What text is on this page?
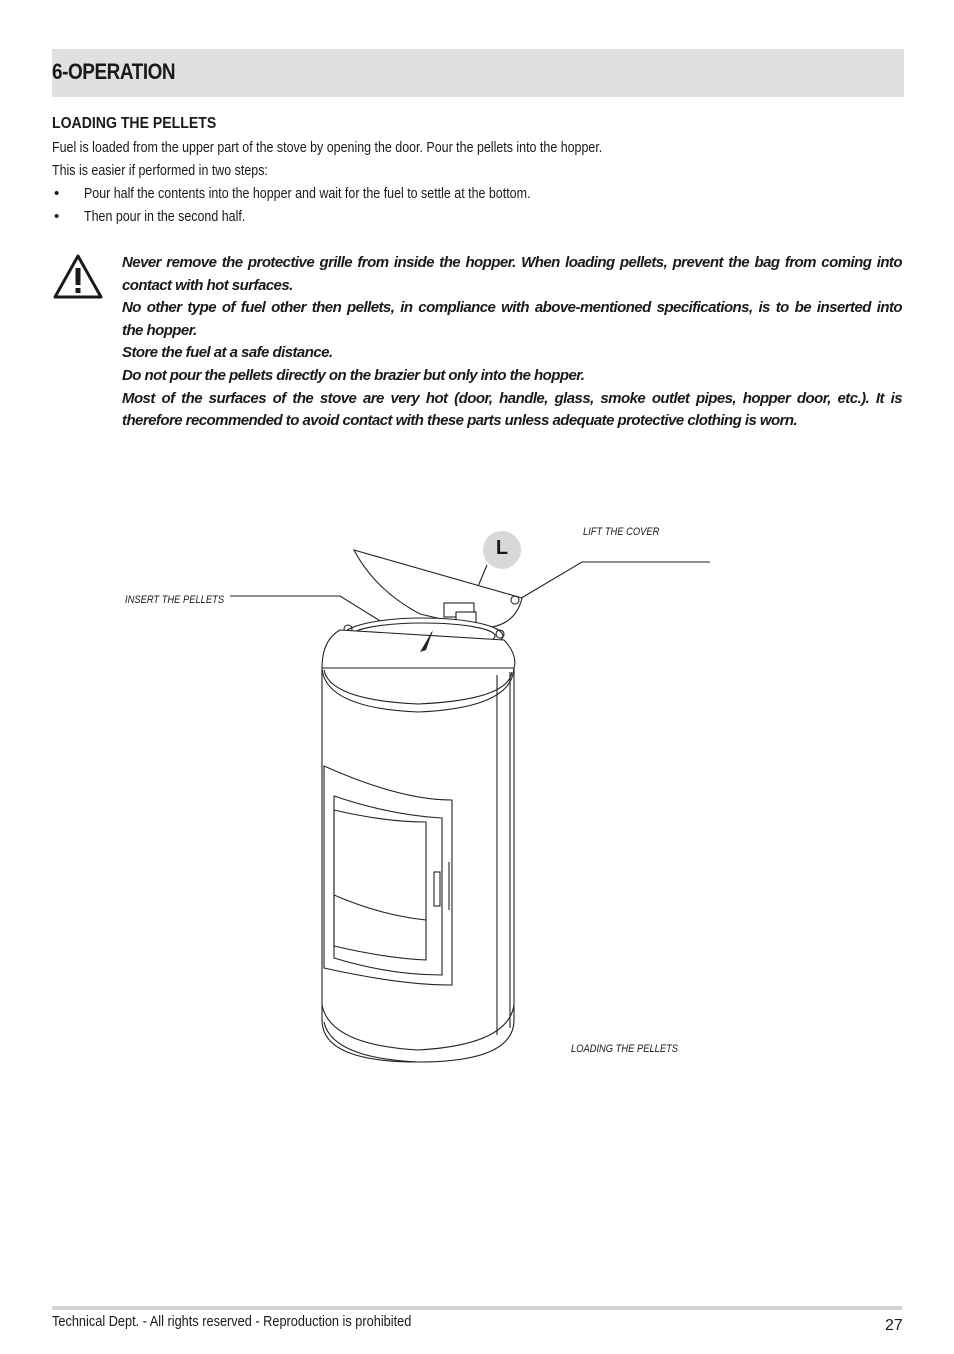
6-OPERATION
LOADING THE PELLETS
Fuel is loaded from the upper part of the stove by opening the door. Pour the pellets into the hopper.
This is easier if performed in two steps:
• Pour half the contents into the hopper and wait for the fuel to settle at the bottom.
• Then pour in the second half.
Never remove the protective grille from inside the hopper. When loading pellets, prevent the bag from coming into
contact with hot surfaces.
No other type of fuel other then pellets, in compliance with above-mentioned specifications, is to be inserted into
the hopper.
Store the fuel at a safe distance.
Do not pour the pellets directly on the brazier but only into the hopper.
Most of the surfaces of the stove are very hot (door, handle, glass, smoke outlet pipes, hopper door, etc.). It is
therefore recommended to avoid contact with these parts unless adequate protective clothing is worn.
L
LIFT THE COVER
INSERT THE PELLETS
LOADING THE PELLETS
Technical Dept. - All rights reserved - Reproduction is prohibited	27
